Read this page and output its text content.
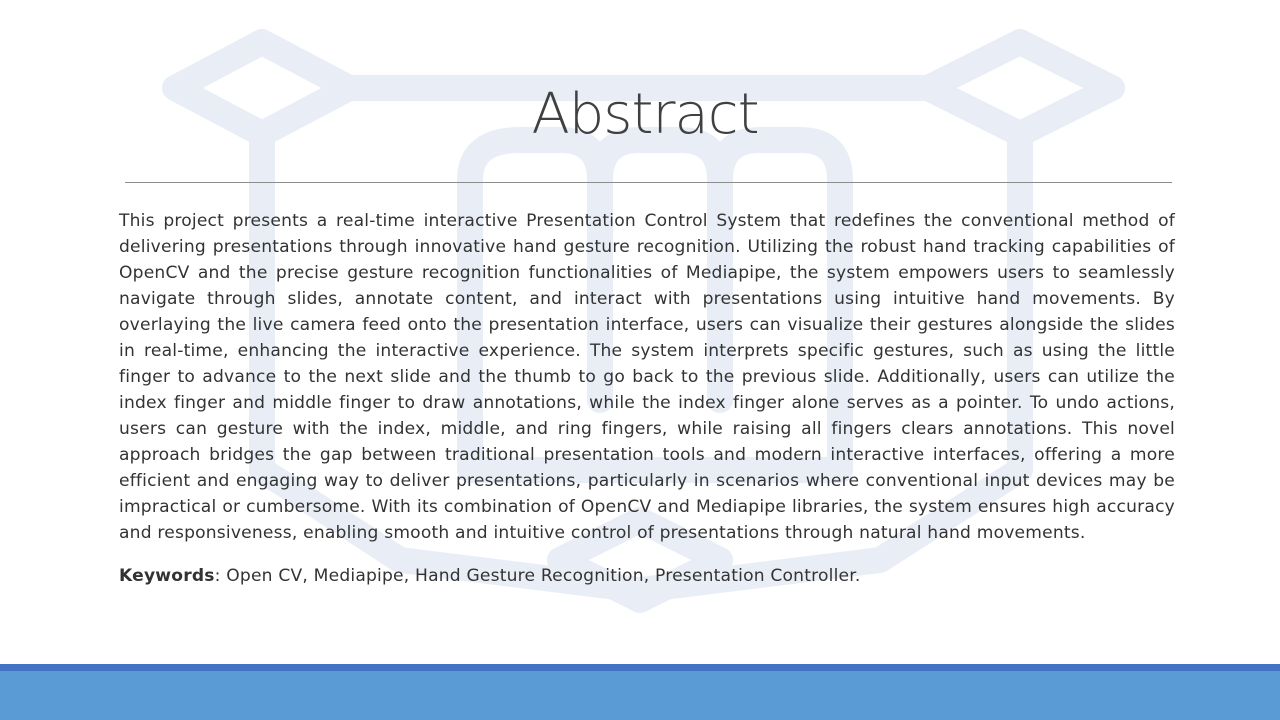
Abstract

This project presents a real-time interactive Presentation Control System that redefines the conventional method of delivering presentations through innovative hand gesture recognition. Utilizing the robust hand tracking capabilities of OpenCV and the precise gesture recognition functionalities of Mediapipe, the system empowers users to seamlessly navigate through slides, annotate content, and interact with presentations using intuitive hand movements. By overlaying the live camera feed onto the presentation interface, users can visualize their gestures alongside the slides in real-time, enhancing the interactive experience. The system interprets specific gestures, such as using the little finger to advance to the next slide and the thumb to go back to the previous slide. Additionally, users can utilize the index finger and middle finger to draw annotations, while the index finger alone serves as a pointer. To undo actions, users can gesture with the index, middle, and ring fingers, while raising all fingers clears annotations. This novel approach bridges the gap between traditional presentation tools and modern interactive interfaces, offering a more efficient and engaging way to deliver presentations, particularly in scenarios where conventional input devices may be impractical or cumbersome. With its combination of OpenCV and Mediapipe libraries, the system ensures high accuracy and responsiveness, enabling smooth and intuitive control of presentations through natural hand movements.

Keywords: Open CV, Mediapipe, Hand Gesture Recognition, Presentation Controller.
